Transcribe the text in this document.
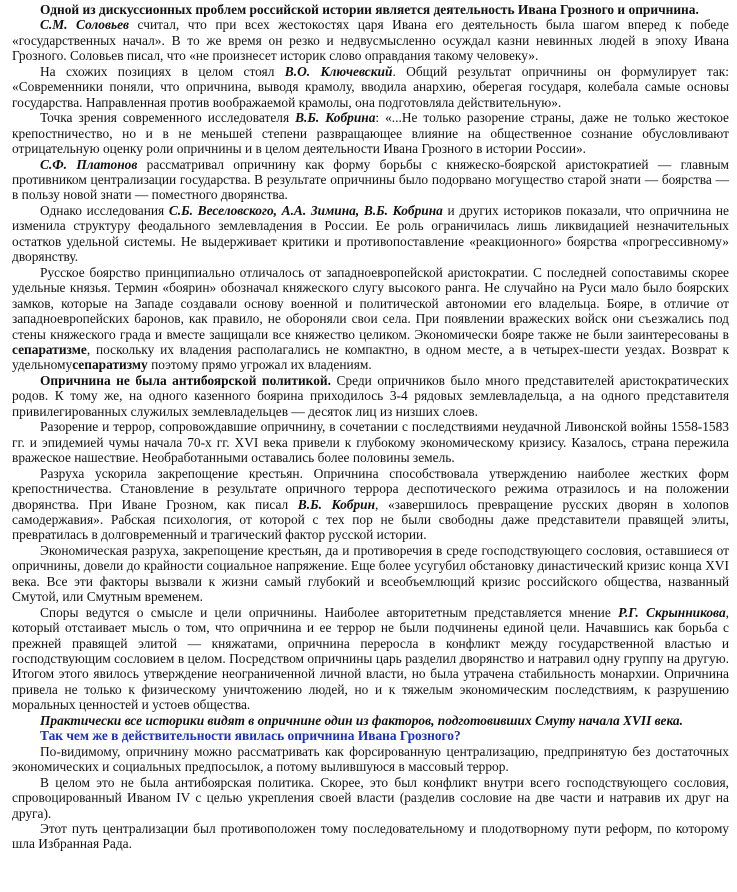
Одной из дискуссионных проблем российской истории является деятельность Ивана Грозного и опричнина.

С.М. Соловьев считал, что при всех жестокостях царя Ивана его деятельность была шагом вперед к победе «государственных начал». В то же время он резко и недвусмысленно осуждал казни невинных людей в эпоху Ивана Грозного. Соловьев писал, что «не произнесет историк слово оправдания такому человеку».

На схожих позициях в целом стоял В.О. Ключевский. Общий результат опричнины он формулирует так: «Современники поняли, что опричнина, выводя крамолу, вводила анархию, оберегая государя, колебала самые основы государства. Направленная против воображаемой крамолы, она подготовляла действительную».

Точка зрения современного исследователя В.Б. Кобрина: «...Не только разорение страны, даже не только жестокое крепостничество, но и в не меньшей степени развращающее влияние на общественное сознание обусловливают отрицательную оценку роли опричнины и в целом деятельности Ивана Грозного в истории России».

С.Ф. Платонов рассматривал опричнину как форму борьбы с княжеско-боярской аристократией — главным противником централизации государства. В результате опричнины было подорвано могущество старой знати — боярства — в пользу новой знати — поместного дворянства.

Однако исследования С.Б. Веселовского, А.А. Зимина, В.Б. Кобрина и других историков показали, что опричнина не изменила структуру феодального землевладения в России. Ее роль ограничилась лишь ликвидацией незначительных остатков удельной системы. Не выдерживает критики и противопоставление «реакционного» боярства «прогрессивному» дворянству.

Русское боярство принципиально отличалось от западноевропейской аристократии. С последней сопоставимы скорее удельные князья. Термин «боярин» обозначал княжеского слугу высокого ранга. Не случайно на Руси мало было боярских замков, которые на Западе создавали основу военной и политической автономии его владельца. Бояре, в отличие от западноевропейских баронов, как правило, не обороняли свои села. При появлении вражеских войск они съезжались под стены княжеского града и вместе защищали все княжество целиком. Экономически бояре также не были заинтересованы в сепаратизме, поскольку их владения располагались не компактно, в одном месте, а в четырех-шести уездах. Возврат к удельномусепаратизму поэтому прямо угрожал их владениям.

Опричнина не была антибоярской политикой. Среди опричников было много представителей аристократических родов. К тому же, на одного казенного боярина приходилось 3-4 рядовых землевладельца, а на одного представителя привилегированных служилых землевладельцев — десяток лиц из низших слоев.

Разорение и террор, сопровождавшие опричнину, в сочетании с последствиями неудачной Ливонской войны 1558-1583 гг. и эпидемией чумы начала 70-х гг. XVI века привели к глубокому экономическому кризису. Казалось, страна пережила вражеское нашествие. Необработанными оставались более половины земель.

Разруха ускорила закрепощение крестьян. Опричнина способствовала утверждению наиболее жестких форм крепостничества. Становление в результате опричного террора деспотического режима отразилось и на положении дворянства. При Иване Грозном, как писал В.Б. Кобрин, «завершилось превращение русских дворян в холопов самодержавия». Рабская психология, от которой с тех пор не были свободны даже представители правящей элиты, превратилась в долговременный и трагический фактор русской истории.

Экономическая разруха, закрепощение крестьян, да и противоречия в среде господствующего сословия, оставшиеся от опричнины, довели до крайности социальное напряжение. Еще более усугубил обстановку династический кризис конца XVI века. Все эти факторы вызвали к жизни самый глубокий и всеобъемлющий кризис российского общества, названный Смутой, или Смутным временем.

Споры ведутся о смысле и цели опричнины. Наиболее авторитетным представляется мнение Р.Г. Скрынникова, который отстаивает мысль о том, что опричнина и ее террор не были подчинены единой цели. Начавшись как борьба с прежней правящей элитой — княжатами, опричнина переросла в конфликт между государственной властью и господствующим сословием в целом. Посредством опричнины царь разделил дворянство и натравил одну группу на другую. Итогом этого явилось утверждение неограниченной личной власти, но была утрачена стабильность монархии. Опричнина привела не только к физическому уничтожению людей, но и к тяжелым экономическим последствиям, к разрушению моральных ценностей и устоев общества.

Практически все историки видят в опричнине один из факторов, подготовивших Смуту начала XVII века.

Так чем же в действительности явилась опричнина Ивана Грозного?

По-видимому, опричнину можно рассматривать как форсированную централизацию, предпринятую без достаточных экономических и социальных предпосылок, а потому вылившуюся в массовый террор.

В целом это не была антибоярская политика. Скорее, это был конфликт внутри всего господствующего сословия, спровоцированный Иваном IV с целью укрепления своей власти (разделив сословие на две части и натравив их друг на друга).

Этот путь централизации был противоположен тому последовательному и плодотворному пути реформ, по которому шла Избранная Рада.
